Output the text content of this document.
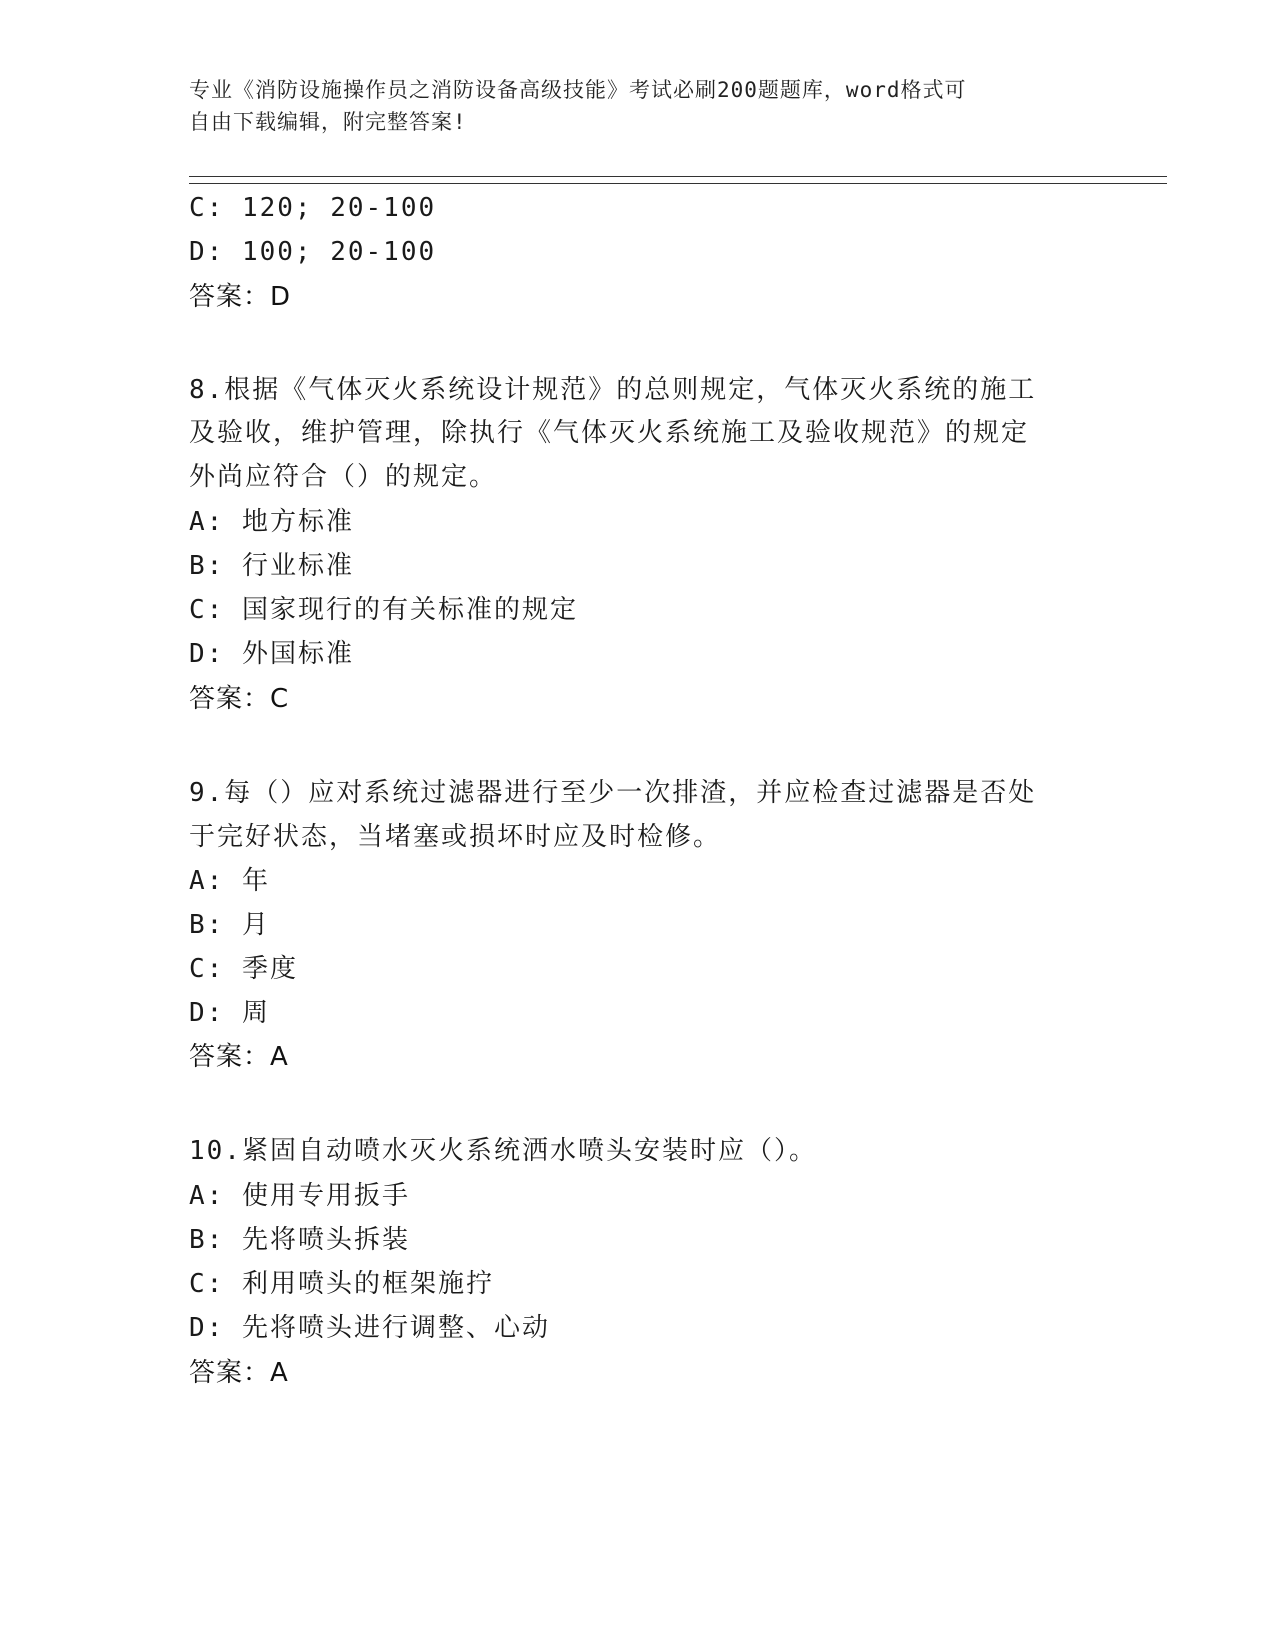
专业《消防设施操作员之消防设备高级技能》考试必刷200题题库，word格式可
自由下载编辑，附完整答案!
C: 120; 20-100
D: 100; 20-100
答案：D
8.根据《气体灭火系统设计规范》的总则规定，气体灭火系统的施工
及验收，维护管理，除执行《气体灭火系统施工及验收规范》的规定
外尚应符合（）的规定。
A: 地方标准
B: 行业标准
C: 国家现行的有关标准的规定
D: 外国标准
答案：C
9.每（）应对系统过滤器进行至少一次排渣，并应检查过滤器是否处
于完好状态，当堵塞或损坏时应及时检修。
A: 年
B: 月
C: 季度
D: 周
答案：A
10.紧固自动喷水灭火系统洒水喷头安装时应（）。
A: 使用专用扳手
B: 先将喷头拆装
C: 利用喷头的框架施拧
D: 先将喷头进行调整、心动
答案：A
